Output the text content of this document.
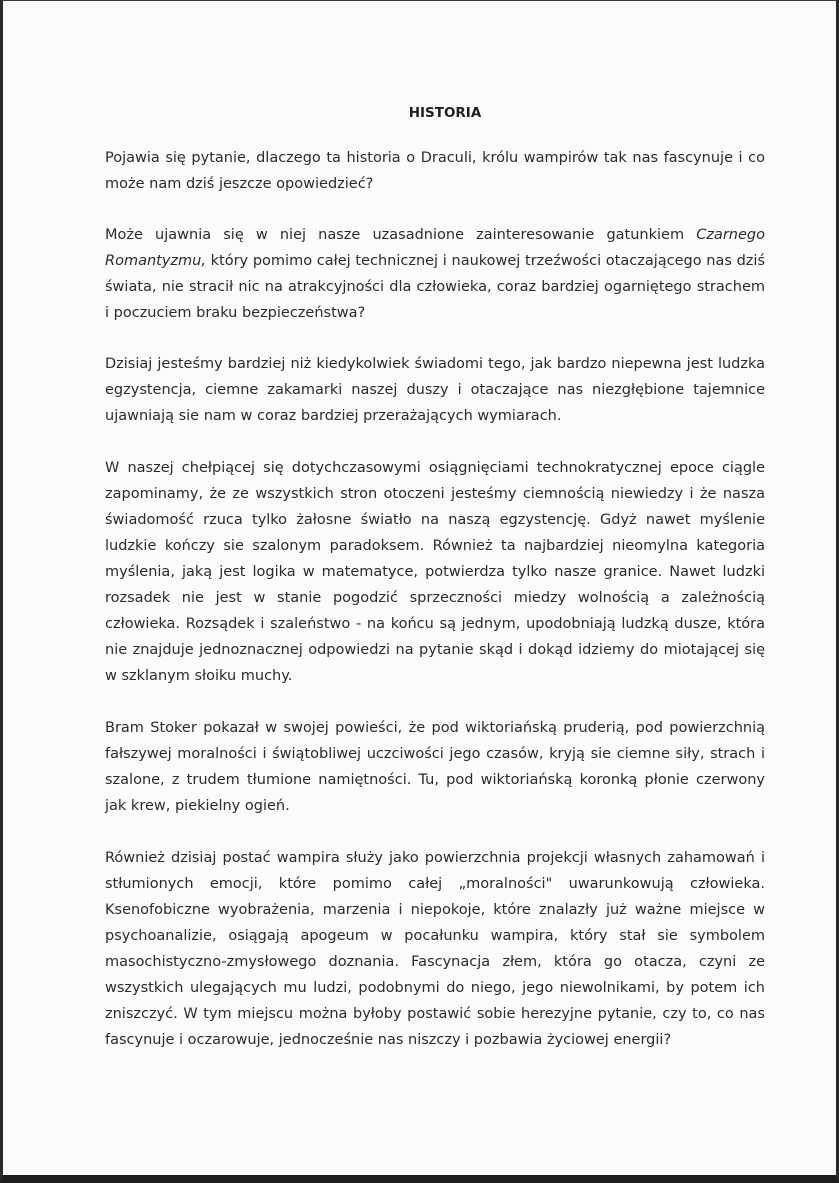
HISTORIA

Pojawia się pytanie, dlaczego ta historia o Draculi, królu wampirów tak nas fascynuje i co może nam dziś jeszcze opowiedzieć?

Może ujawnia się w niej nasze uzasadnione zainteresowanie gatunkiem Czarnego Romantyzmu, który pomimo całej technicznej i naukowej trzeźwości otaczającego nas dziś świata, nie stracił nic na atrakcyjności dla człowieka, coraz bardziej ogarniętego strachem i poczuciem braku bezpieczeństwa?

Dzisiaj jesteśmy bardziej niż kiedykolwiek świadomi tego, jak bardzo niepewna jest ludzka egzystencja, ciemne zakamarki naszej duszy i otaczające nas niezgłębione tajemnice ujawniają sie nam w coraz bardziej przerażających wymiarach.

W naszej chełpiącej się dotychczasowymi osiągnięciami technokratycznej epoce ciągle zapominamy, że ze wszystkich stron otoczeni jesteśmy ciemnością niewiedzy i że nasza świadomość rzuca tylko żałosne światło na naszą egzystencję. Gdyż nawet myślenie ludzkie kończy sie szalonym paradoksem. Również ta najbardziej nieomylna kategoria myślenia, jaką jest logika w matematyce, potwierdza tylko nasze granice. Nawet ludzki rozsadek nie jest w stanie pogodzić sprzeczności miedzy wolnością a zależnością człowieka. Rozsądek i szaleństwo - na końcu są jednym, upodobniają ludzką dusze, która nie znajduje jednoznacznej odpowiedzi na pytanie skąd i dokąd idziemy do miotającej się w szklanym słoiku muchy.

Bram Stoker pokazał w swojej powieści, że pod wiktoriańską pruderią, pod powierzchnią fałszywej moralności i świątobliwej uczciwości jego czasów, kryją sie ciemne siły, strach i szalone, z trudem tłumione namiętności. Tu, pod wiktoriańską koronką płonie czerwony jak krew, piekielny ogień.

Również dzisiaj postać wampira służy jako powierzchnia projekcji własnych zahamowań i stłumionych emocji, które pomimo całej „moralności" uwarunkowują człowieka. Ksenofobiczne wyobrażenia, marzenia i niepokoje, które znalazły już ważne miejsce w psychoanalizie, osiągają apogeum w pocałunku wampira, który stał sie symbolem masochistyczno-zmysłowego doznania. Fascynacja złem, która go otacza, czyni ze wszystkich ulegających mu ludzi, podobnymi do niego, jego niewolnikami, by potem ich zniszczyć. W tym miejscu można byłoby postawić sobie herezyjne pytanie, czy to, co nas fascynuje i oczarowuje, jednocześnie nas niszczy i pozbawia życiowej energii?
